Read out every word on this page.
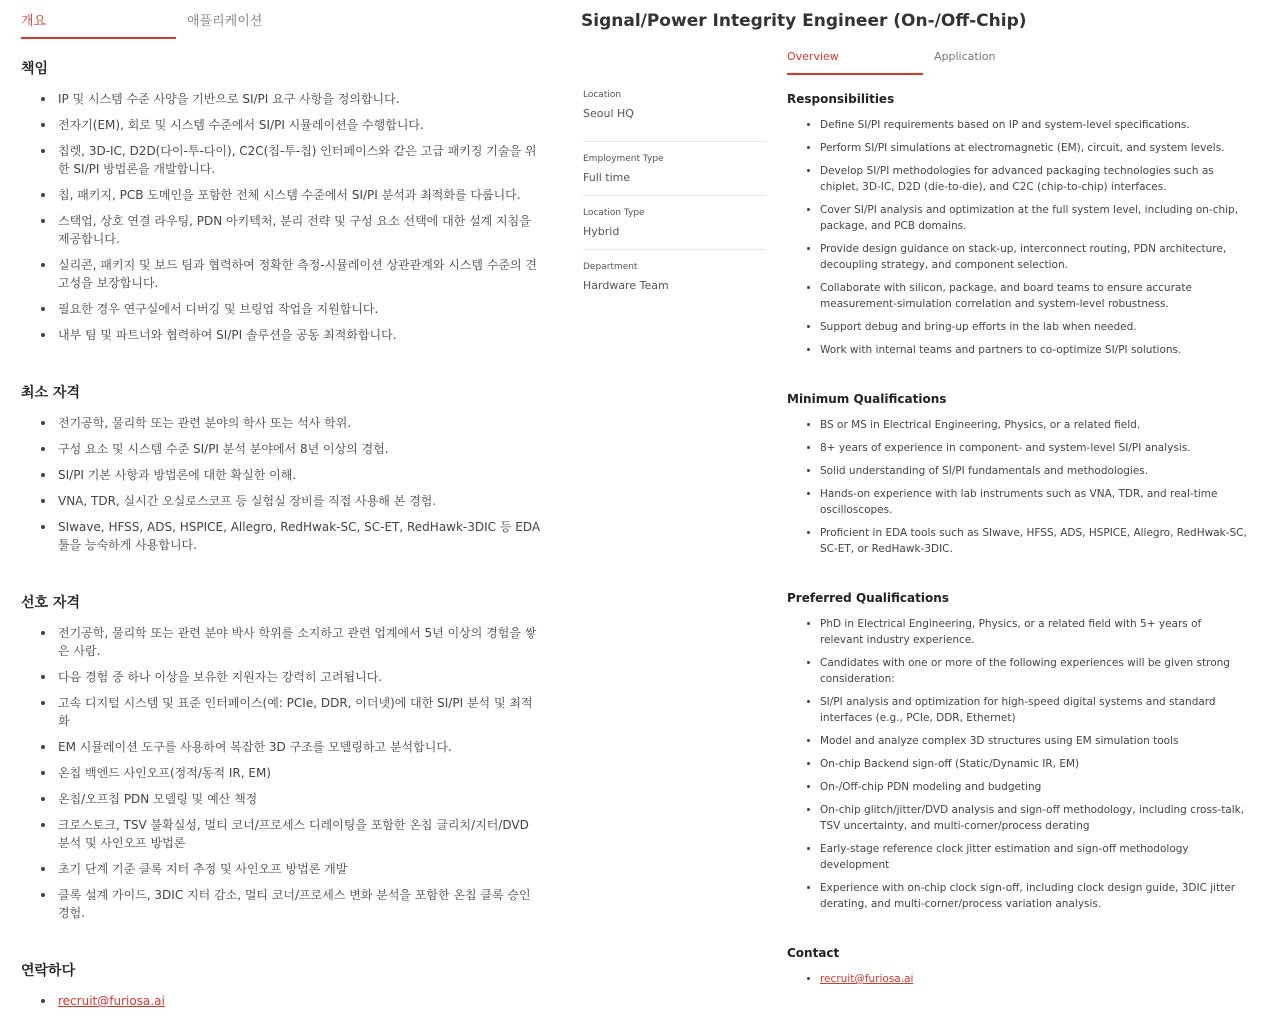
개요	애플리케이션
책임
IP 및 시스템 수준 사양을 기반으로 SI/PI 요구 사항을 정의합니다.
전자기(EM), 회로 및 시스템 수준에서 SI/PI 시뮬레이션을 수행합니다.
칩렛, 3D-IC, D2D(다이-투-다이), C2C(칩-투-칩) 인터페이스와 같은 고급 패키징 기술을 위한 SI/PI 방법론을 개발합니다.
칩, 패키지, PCB 도메인을 포함한 전체 시스템 수준에서 SI/PI 분석과 최적화를 다룹니다.
스택업, 상호 연결 라우팅, PDN 아키텍처, 분리 전략 및 구성 요소 선택에 대한 설계 지침을 제공합니다.
실리콘, 패키지 및 보드 팀과 협력하여 정확한 측정-시뮬레이션 상관관계와 시스템 수준의 견고성을 보장합니다.
필요한 경우 연구실에서 디버깅 및 브링업 작업을 지원합니다.
내부 팀 및 파트너와 협력하여 SI/PI 솔루션을 공동 최적화합니다.
최소 자격
전기공학, 물리학 또는 관련 분야의 학사 또는 석사 학위.
구성 요소 및 시스템 수준 SI/PI 분석 분야에서 8년 이상의 경험.
SI/PI 기본 사항과 방법론에 대한 확실한 이해.
VNA, TDR, 실시간 오실로스코프 등 실험실 장비를 직접 사용해 본 경험.
SIwave, HFSS, ADS, HSPICE, Allegro, RedHwak-SC, SC-ET, RedHawk-3DIC 등 EDA 툴을 능숙하게 사용합니다.
선호 자격
전기공학, 물리학 또는 관련 분야 박사 학위를 소지하고 관련 업계에서 5년 이상의 경험을 쌓은 사람.
다음 경험 중 하나 이상을 보유한 지원자는 강력히 고려됩니다.
고속 디지털 시스템 및 표준 인터페이스(예: PCIe, DDR, 이더넷)에 대한 SI/PI 분석 및 최적화
EM 시뮬레이션 도구를 사용하여 복잡한 3D 구조를 모델링하고 분석합니다.
온칩 백엔드 사인오프(정적/동적 IR, EM)
온칩/오프칩 PDN 모델링 및 예산 책정
크로스토크, TSV 불확실성, 멀티 코너/프로세스 디레이팅을 포함한 온칩 글리치/지터/DVD 분석 및 사인오프 방법론
초기 단계 기준 클록 지터 추정 및 사인오프 방법론 개발
클록 설계 가이드, 3DIC 지터 감소, 멀티 코너/프로세스 변화 분석을 포함한 온칩 클록 승인 경험.
연락하다
recruit@furiosa.ai
Signal/Power Integrity Engineer (On-/Off-Chip)
Location
Seoul HQ
Employment Type
Full time
Location Type
Hybrid
Department
Hardware Team
Overview	Application
Responsibilities
Define SI/PI requirements based on IP and system-level specifications.
Perform SI/PI simulations at electromagnetic (EM), circuit, and system levels.
Develop SI/PI methodologies for advanced packaging technologies such as chiplet, 3D-IC, D2D (die-to-die), and C2C (chip-to-chip) interfaces.
Cover SI/PI analysis and optimization at the full system level, including on-chip, package, and PCB domains.
Provide design guidance on stack-up, interconnect routing, PDN architecture, decoupling strategy, and component selection.
Collaborate with silicon, package, and board teams to ensure accurate measurement-simulation correlation and system-level robustness.
Support debug and bring-up efforts in the lab when needed.
Work with internal teams and partners to co-optimize SI/PI solutions.
Minimum Qualifications
BS or MS in Electrical Engineering, Physics, or a related field.
8+ years of experience in component- and system-level SI/PI analysis.
Solid understanding of SI/PI fundamentals and methodologies.
Hands-on experience with lab instruments such as VNA, TDR, and real-time oscilloscopes.
Proficient in EDA tools such as SIwave, HFSS, ADS, HSPICE, Allegro, RedHwak-SC, SC-ET, or RedHawk-3DIC.
Preferred Qualifications
PhD in Electrical Engineering, Physics, or a related field with 5+ years of relevant industry experience.
Candidates with one or more of the following experiences will be given strong consideration:
SI/PI analysis and optimization for high-speed digital systems and standard interfaces (e.g., PCIe, DDR, Ethernet)
Model and analyze complex 3D structures using EM simulation tools
On-chip Backend sign-off (Static/Dynamic IR, EM)
On-/Off-chip PDN modeling and budgeting
On-chip glitch/jitter/DVD analysis and sign-off methodology, including cross-talk, TSV uncertainty, and multi-corner/process derating
Early-stage reference clock jitter estimation and sign-off methodology development
Experience with on-chip clock sign-off, including clock design guide, 3DIC jitter derating, and multi-corner/process variation analysis.
Contact
recruit@furiosa.ai
